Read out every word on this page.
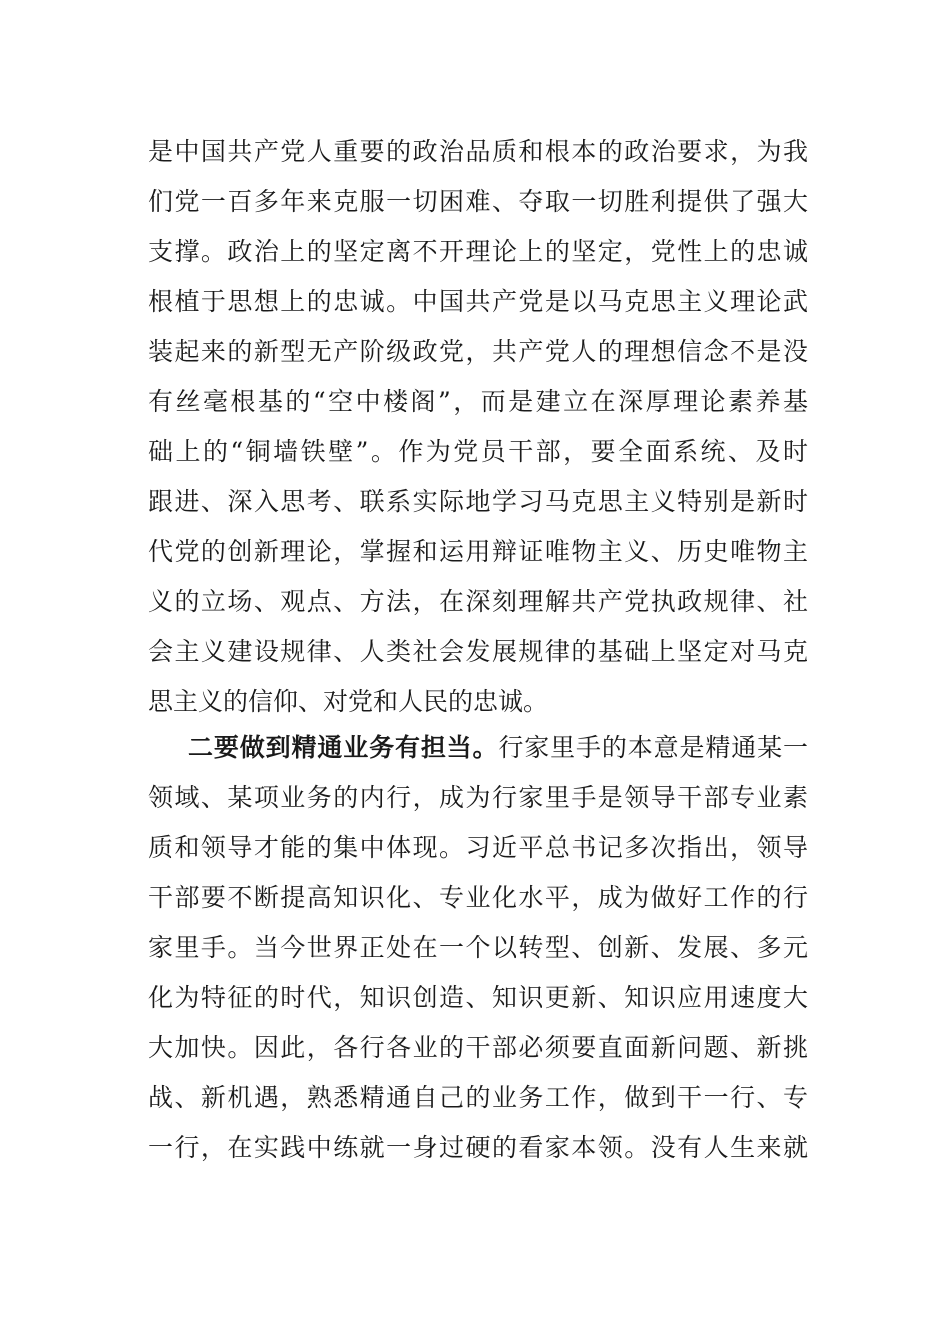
是中国共产党人重要的政治品质和根本的政治要求，为我
们党一百多年来克服一切困难、夺取一切胜利提供了强大
支撑。政治上的坚定离不开理论上的坚定，党性上的忠诚
根植于思想上的忠诚。中国共产党是以马克思主义理论武
装起来的新型无产阶级政党，共产党人的理想信念不是没
有丝毫根基的“空中楼阁”，而是建立在深厚理论素养基
础上的“铜墙铁壁”。作为党员干部，要全面系统、及时
跟进、深入思考、联系实际地学习马克思主义特别是新时
代党的创新理论，掌握和运用辩证唯物主义、历史唯物主
义的立场、观点、方法，在深刻理解共产党执政规律、社
会主义建设规律、人类社会发展规律的基础上坚定对马克
思主义的信仰、对党和人民的忠诚。
二要做到精通业务有担当。行家里手的本意是精通某一
领域、某项业务的内行，成为行家里手是领导干部专业素
质和领导才能的集中体现。习近平总书记多次指出，领导
干部要不断提高知识化、专业化水平，成为做好工作的行
家里手。当今世界正处在一个以转型、创新、发展、多元
化为特征的时代，知识创造、知识更新、知识应用速度大
大加快。因此，各行各业的干部必须要直面新问题、新挑
战、新机遇，熟悉精通自己的业务工作，做到干一行、专
一行，在实践中练就一身过硬的看家本领。没有人生来就
